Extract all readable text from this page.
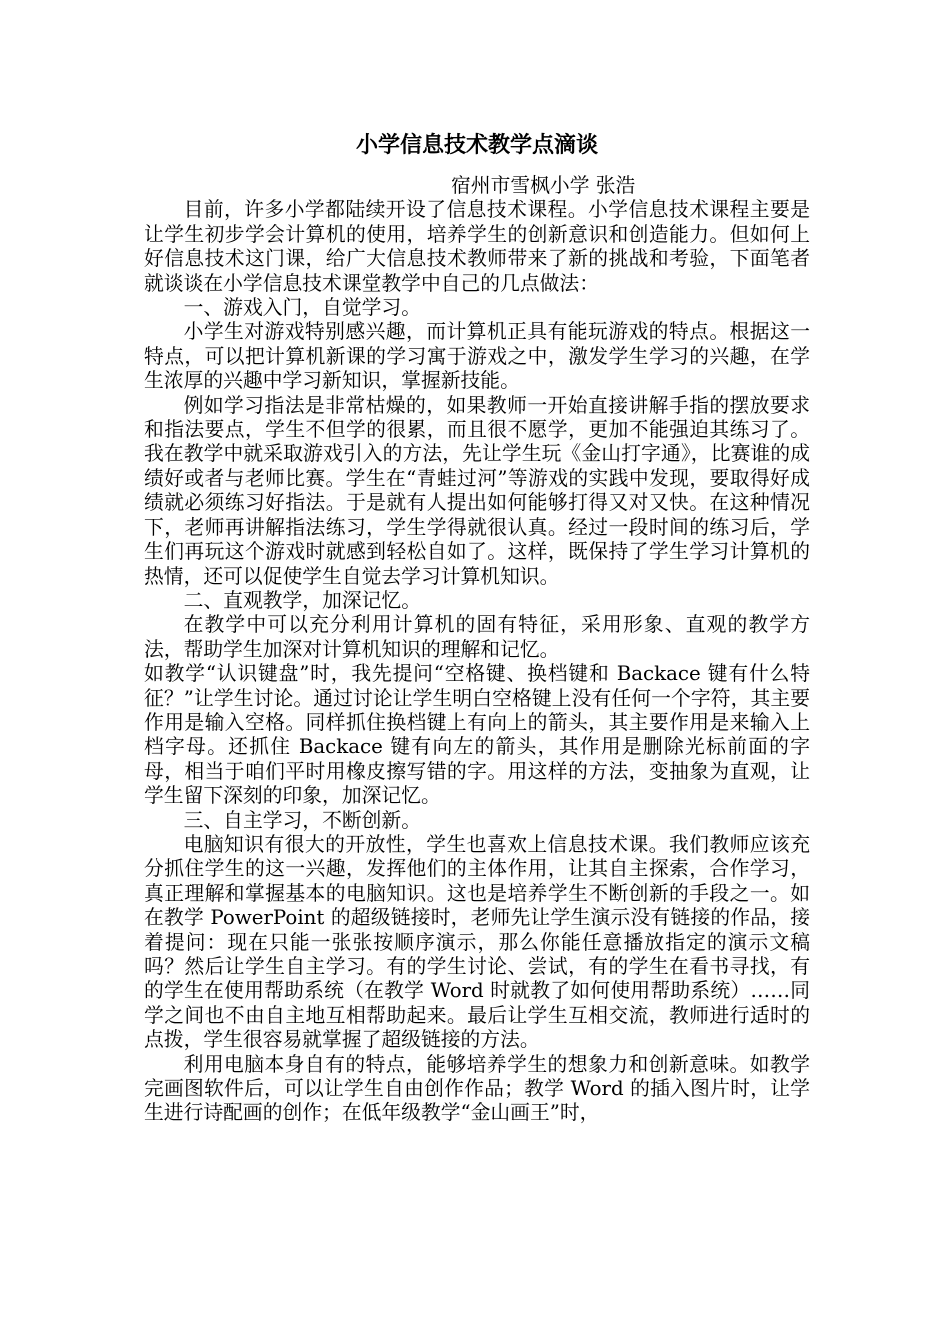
小学信息技术教学点滴谈
宿州市雪枫小学 张浩

目前，许多小学都陆续开设了信息技术课程。小学信息技术课程主要是让学生初步学会计算机的使用，培养学生的创新意识和创造能力。但如何上好信息技术这门课，给广大信息技术教师带来了新的挑战和考验，下面笔者就谈谈在小学信息技术课堂教学中自己的几点做法：

一、游戏入门，自觉学习。

小学生对游戏特别感兴趣，而计算机正具有能玩游戏的特点。根据这一特点，可以把计算机新课的学习寓于游戏之中，激发学生学习的兴趣，在学生浓厚的兴趣中学习新知识，掌握新技能。

例如学习指法是非常枯燥的，如果教师一开始直接讲解手指的摆放要求和指法要点，学生不但学的很累，而且很不愿学，更加不能强迫其练习了。我在教学中就采取游戏引入的方法，先让学生玩《金山打字通》，比赛谁的成绩好或者与老师比赛。学生在“青蛙过河”等游戏的实践中发现，要取得好成绩就必须练习好指法。于是就有人提出如何能够打得又对又快。在这种情况下，老师再讲解指法练习，学生学得就很认真。经过一段时间的练习后，学生们再玩这个游戏时就感到轻松自如了。这样，既保持了学生学习计算机的热情，还可以促使学生自觉去学习计算机知识。

二、直观教学，加深记忆。

在教学中可以充分利用计算机的固有特征，采用形象、直观的教学方法，帮助学生加深对计算机知识的理解和记忆。

如教学“认识键盘”时，我先提问“空格键、换档键和 Backace 键有什么特征？”让学生讨论。通过讨论让学生明白空格键上没有任何一个字符，其主要作用是输入空格。同样抓住换档键上有向上的箭头，其主要作用是来输入上档字母。还抓住 Backace 键有向左的箭头，其作用是删除光标前面的字母，相当于咱们平时用橡皮擦写错的字。用这样的方法，变抽象为直观，让学生留下深刻的印象，加深记忆。

三、自主学习，不断创新。

电脑知识有很大的开放性，学生也喜欢上信息技术课。我们教师应该充分抓住学生的这一兴趣，发挥他们的主体作用，让其自主探索，合作学习，真正理解和掌握基本的电脑知识。这也是培养学生不断创新的手段之一。如在教学 PowerPoint 的超级链接时，老师先让学生演示没有链接的作品，接着提问：现在只能一张张按顺序演示，那么你能任意播放指定的演示文稿吗？然后让学生自主学习。有的学生讨论、尝试，有的学生在看书寻找，有的学生在使用帮助系统（在教学 Word 时就教了如何使用帮助系统）……同学之间也不由自主地互相帮助起来。最后让学生互相交流，教师进行适时的点拨，学生很容易就掌握了超级链接的方法。

利用电脑本身自有的特点，能够培养学生的想象力和创新意味。如教学完画图软件后，可以让学生自由创作作品；教学 Word 的插入图片时，让学生进行诗配画的创作；在低年级教学“金山画王”时，
